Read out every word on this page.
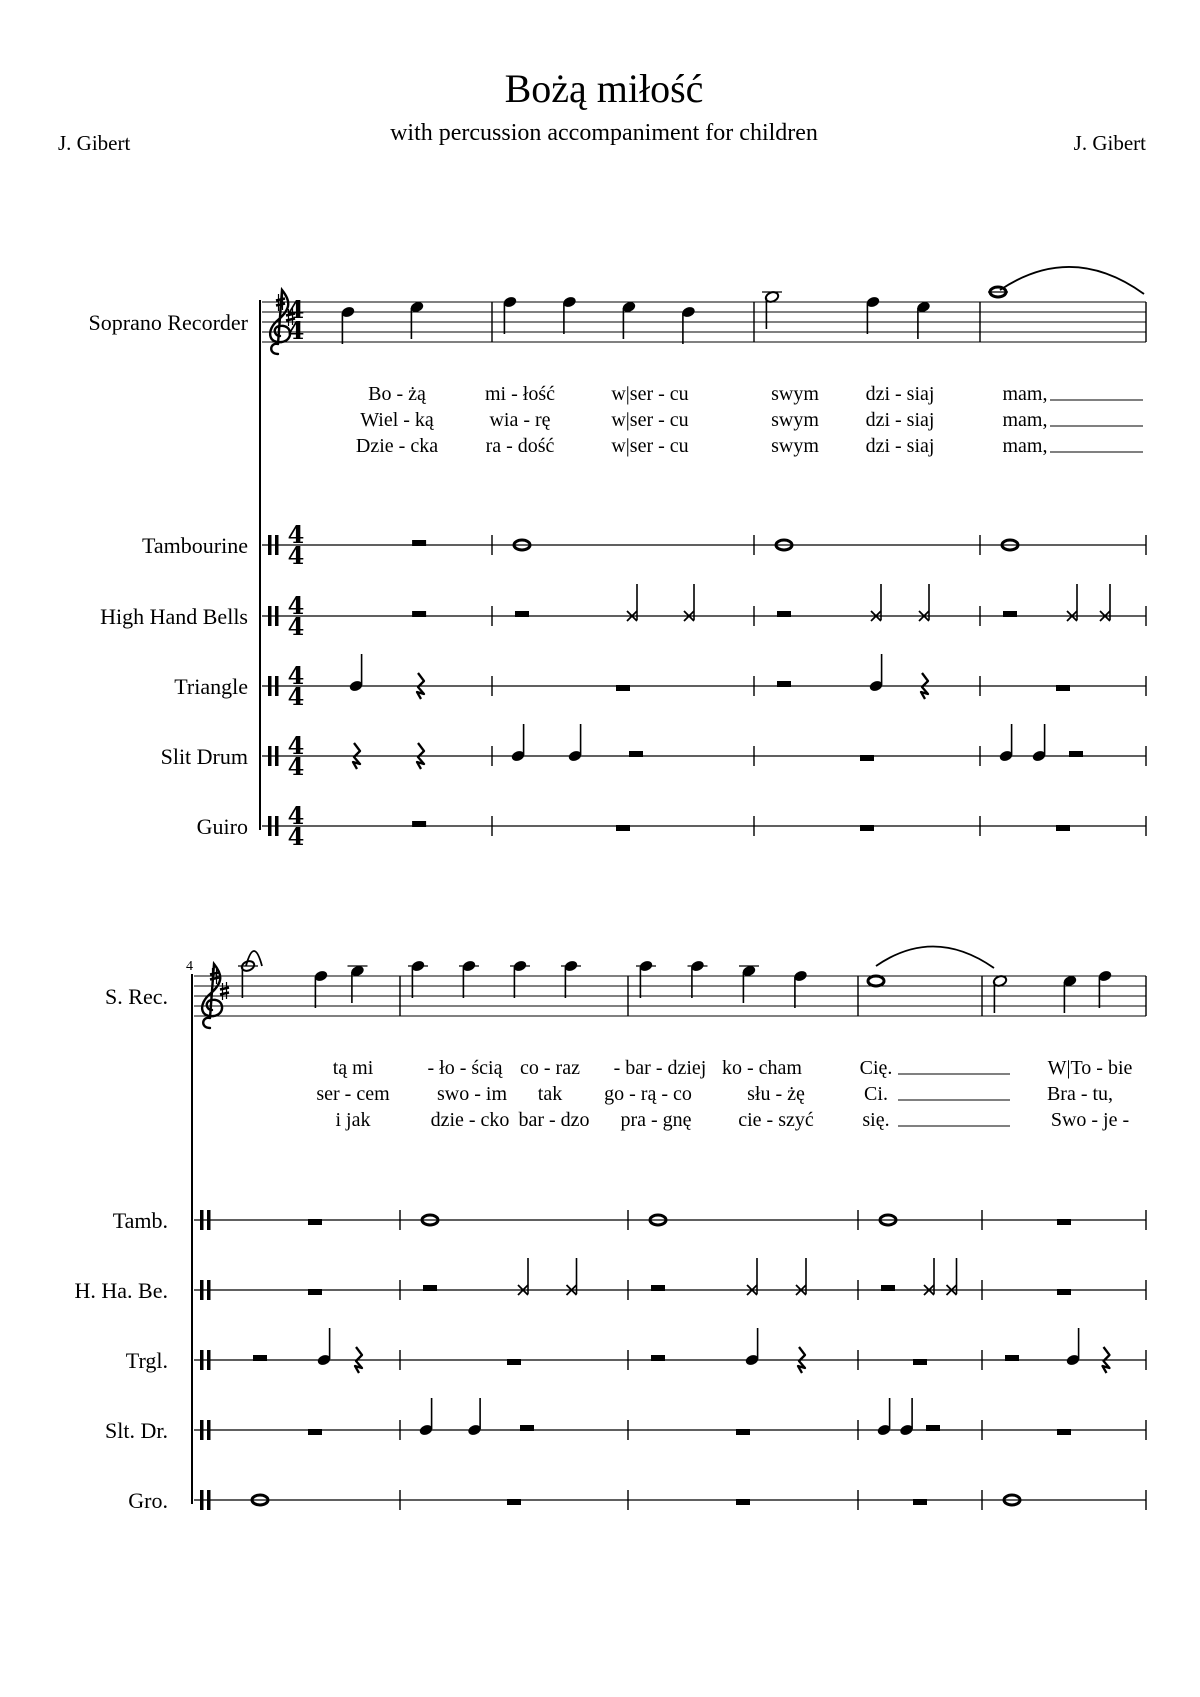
Bożą miłość
with percussion accompaniment for children
J. Gibert	J. Gibert
Soprano Recorder 4
4
Bo - żą	mi - łość	w|ser - cu	swym dzi - siaj	mam,
Wiel - ką	wia - rę	w|ser - cu	swym dzi - siaj	mam,
Dzie - cka ra - dość	w|ser - cu	swym dzi - siaj	mam,
Tambourine 4
4
High Hand Bells 4
4
Triangle 4
4
Slit Drum 4
4
Guiro 4
4
S. Rec.
4
tą mi	- ło - ścią co - raz - bar - dziej ko - cham	Cię.	W|To - bie
ser - cem swo - im tak go - rą - co	słu - żę	Ci.	Bra - tu,
i jak	dzie - cko bar - dzo pra - gnę cie - szyć się.	Swo - je -
Tamb.
H. Ha. Be.
Trgl.
Slt. Dr.
Gro.
